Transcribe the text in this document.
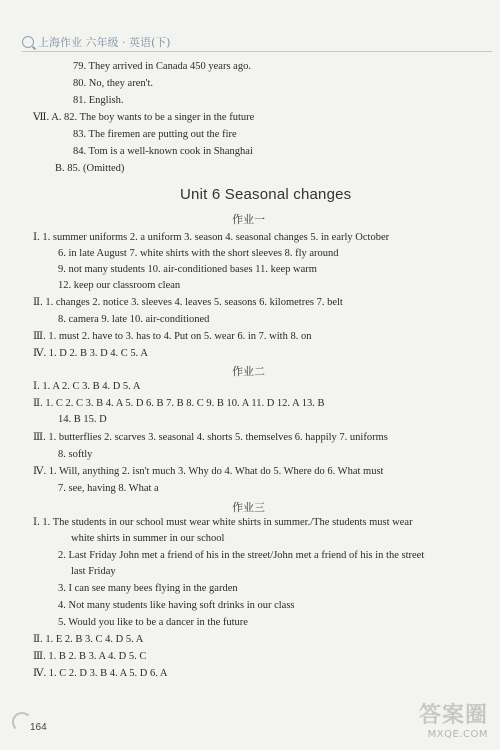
上海作业 六年级 · 英语(下)
79. They arrived in Canada 450 years ago.
80. No, they aren't.
81. English.
Ⅶ. A. 82. The boy wants to be a singer in the future
83. The firemen are putting out the fire
84. Tom is a well-known cook in Shanghai
B. 85. (Omitted)
Unit 6 Seasonal changes
作业一
Ⅰ. 1. summer uniforms 2. a uniform 3. season 4. seasonal changes 5. in early October
6. in late August 7. white shirts with the short sleeves 8. fly around
9. not many students 10. air-conditioned bases 11. keep warm
12. keep our classroom clean
Ⅱ. 1. changes 2. notice 3. sleeves 4. leaves 5. seasons 6. kilometres 7. belt
8. camera 9. late 10. air-conditioned
Ⅲ. 1. must 2. have to 3. has to 4. Put on 5. wear 6. in 7. with 8. on
Ⅳ. 1. D 2. B 3. D 4. C 5. A
作业二
Ⅰ. 1. A 2. C 3. B 4. D 5. A
Ⅱ. 1. C 2. C 3. B 4. A 5. D 6. B 7. B 8. C 9. B 10. A 11. D 12. A 13. B
14. B 15. D
Ⅲ. 1. butterflies 2. scarves 3. seasonal 4. shorts 5. themselves 6. happily 7. uniforms
8. softly
Ⅳ. 1. Will, anything 2. isn't much 3. Why do 4. What do 5. Where do 6. What must
7. see, having 8. What a
作业三
Ⅰ. 1. The students in our school must wear white shirts in summer./The students must wear
white shirts in summer in our school
2. Last Friday John met a friend of his in the street/John met a friend of his in the street
last Friday
3. I can see many bees flying in the garden
4. Not many students like having soft drinks in our class
5. Would you like to be a dancer in the future
Ⅱ. 1. E 2. B 3. C 4. D 5. A
Ⅲ. 1. B 2. B 3. A 4. D 5. C
Ⅳ. 1. C 2. D 3. B 4. A 5. D 6. A
164	答案圈
MXQE.COM
